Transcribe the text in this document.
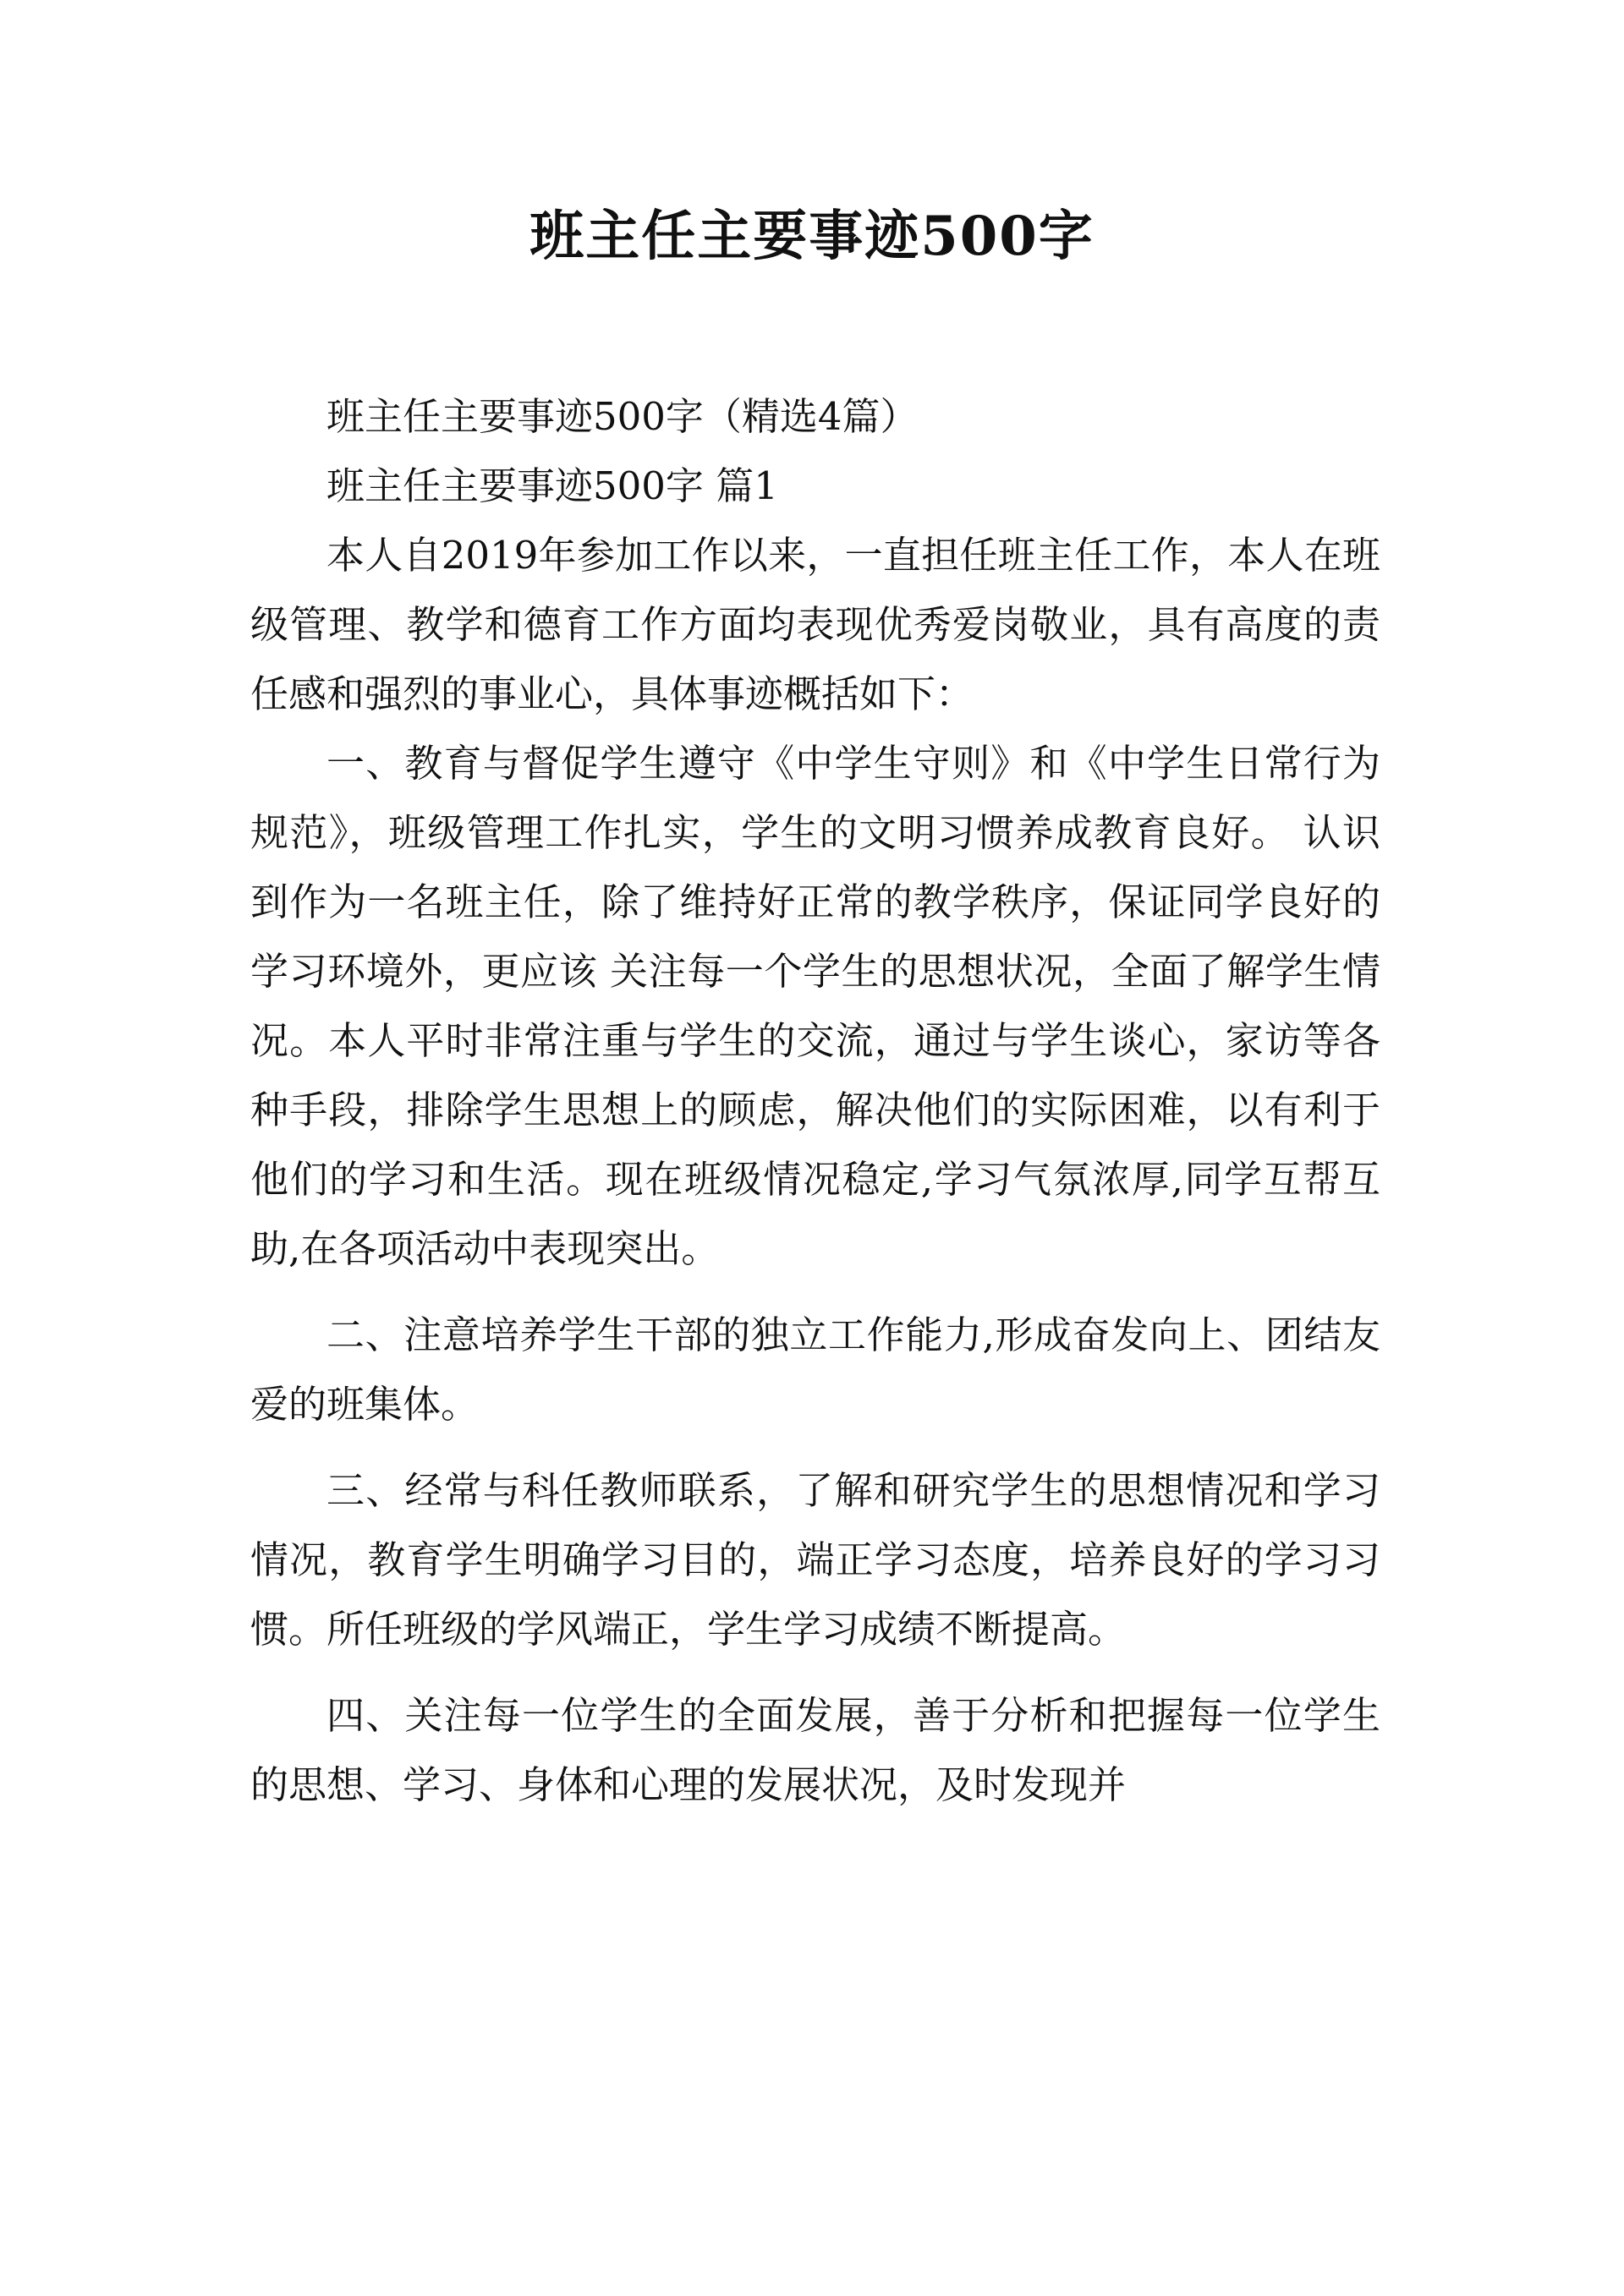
班主任主要事迹500字

班主任主要事迹500字（精选4篇）

班主任主要事迹500字 篇1

本人自2019年参加工作以来，一直担任班主任工作，本人在班级管理、教学和德育工作方面均表现优秀爱岗敬业，具有高度的责任感和强烈的事业心，具体事迹概括如下：

一、教育与督促学生遵守《中学生守则》和《中学生日常行为规范》，班级管理工作扎实，学生的文明习惯养成教育良好。 认识到作为一名班主任，除了维持好正常的教学秩序，保证同学良好的学习环境外，更应该 关注每一个学生的思想状况，全面了解学生情况。本人平时非常注重与学生的交流，通过与学生谈心，家访等各种手段，排除学生思想上的顾虑，解决他们的实际困难，以有利于他们的学习和生活。现在班级情况稳定,学习气氛浓厚,同学互帮互助,在各项活动中表现突出。

二、注意培养学生干部的独立工作能力,形成奋发向上、团结友爱的班集体。

三、经常与科任教师联系，了解和研究学生的思想情况和学习情况，教育学生明确学习目的，端正学习态度，培养良好的学习习惯。所任班级的学风端正，学生学习成绩不断提高。

四、关注每一位学生的全面发展，善于分析和把握每一位学生的思想、学习、身体和心理的发展状况，及时发现并
